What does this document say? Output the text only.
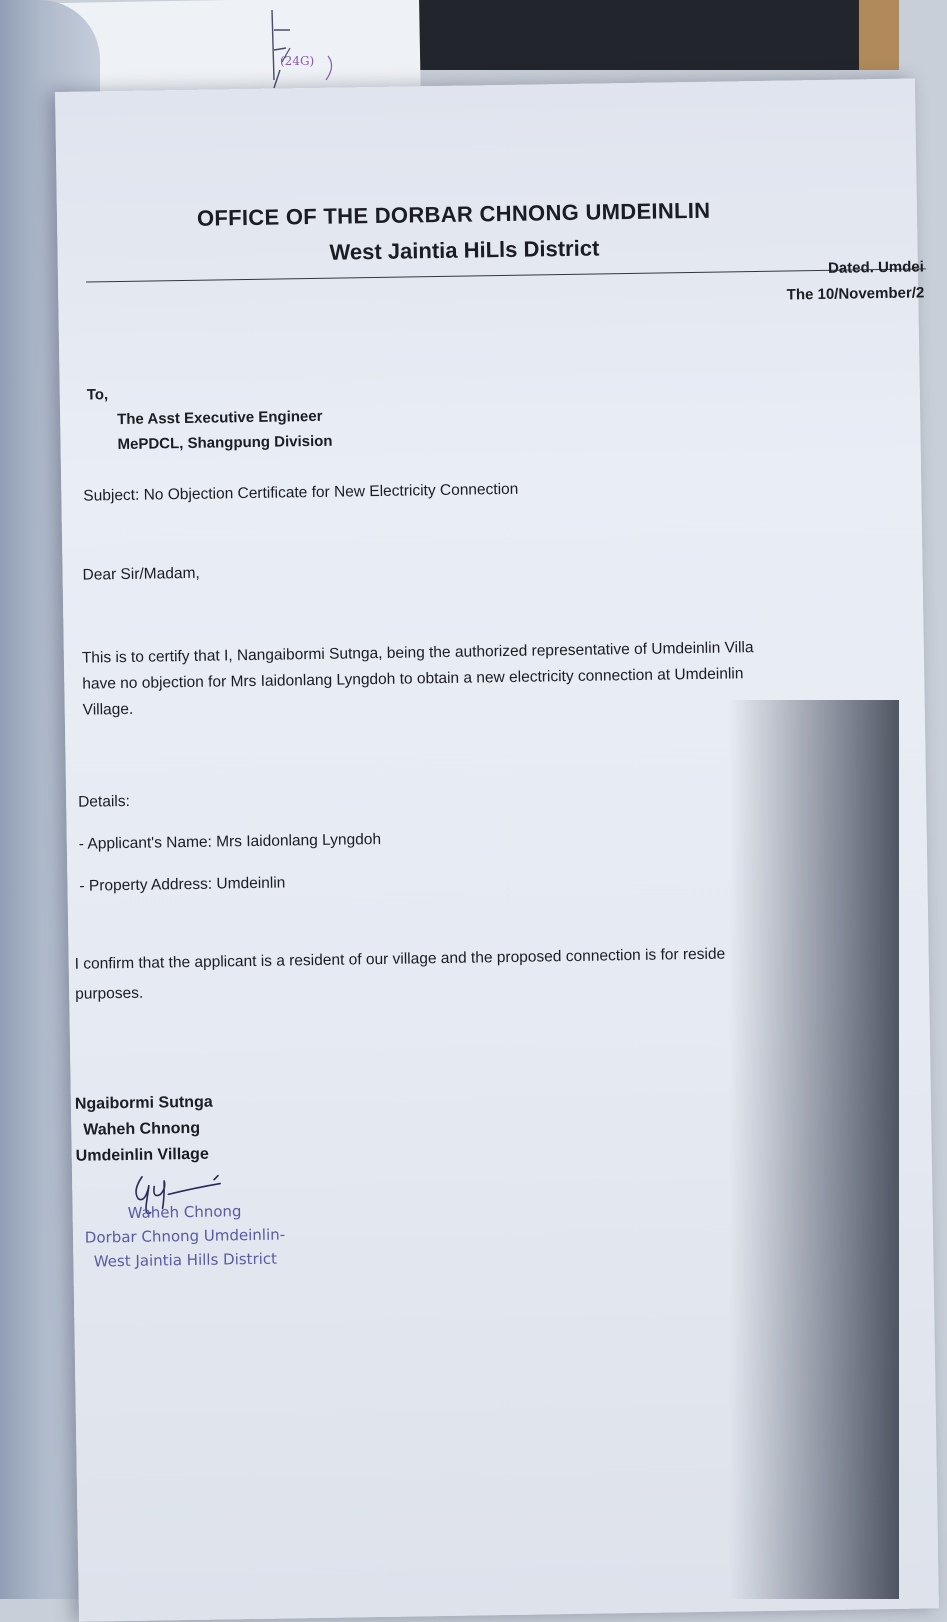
(24G)
OFFICE OF THE DORBAR CHNONG UMDEINLIN
West Jaintia HiLls District
Dated. Umdei
The 10/November/2
To,
The Asst Executive Engineer
MePDCL, Shangpung Division
Subject: No Objection Certificate for New Electricity Connection
Dear Sir/Madam,
This is to certify that I, Nangaibormi Sutnga, being the authorized representative of Umdeinlin Villa
have no objection for Mrs Iaidonlang Lyngdoh to obtain a new electricity connection at Umdeinlin
Village.
Details:
- Applicant's Name: Mrs Iaidonlang Lyngdoh
- Property Address: Umdeinlin
I confirm that the applicant is a resident of our village and the proposed connection is for reside
purposes.
Ngaibormi Sutnga
Waheh Chnong
Umdeinlin Village
Waheh Chnong
Dorbar Chnong Umdeinlin-
West Jaintia Hills District
